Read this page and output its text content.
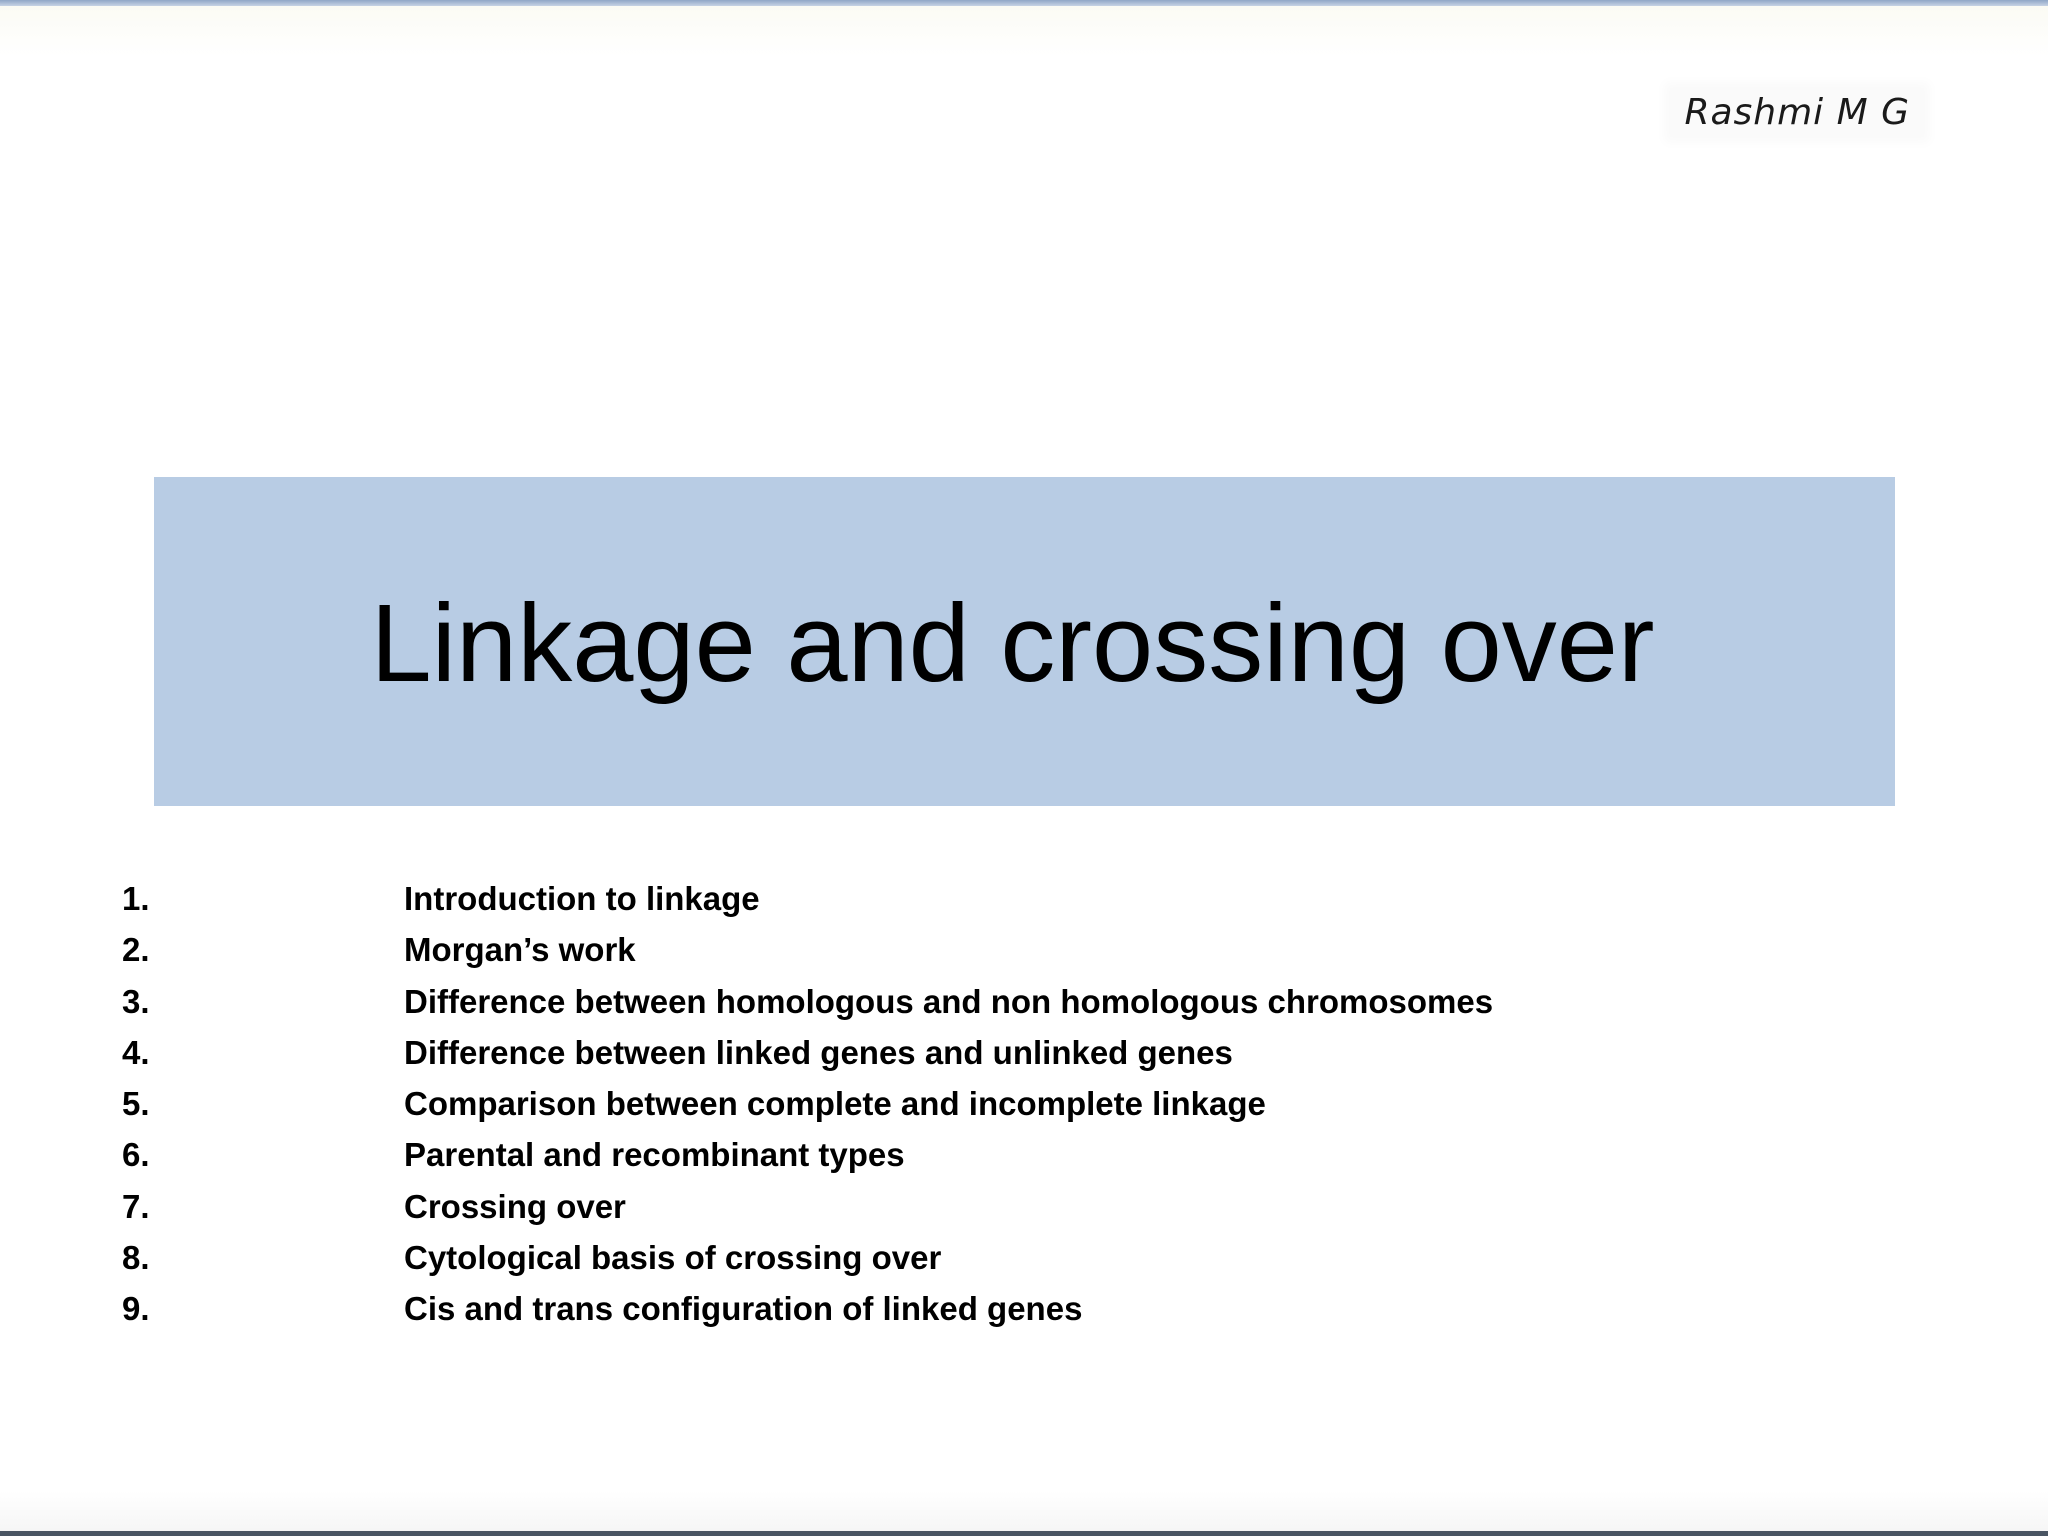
Rashmi M G
Linkage and crossing over
1.	Introduction to linkage
2.	Morgan’s work
3.	Difference between homologous and non homologous chromosomes
4.	Difference between linked genes and unlinked genes
5.	Comparison between complete and incomplete linkage
6.	Parental and recombinant types
7.	Crossing over
8.	Cytological basis of crossing over
9.	Cis and trans configuration of linked genes
